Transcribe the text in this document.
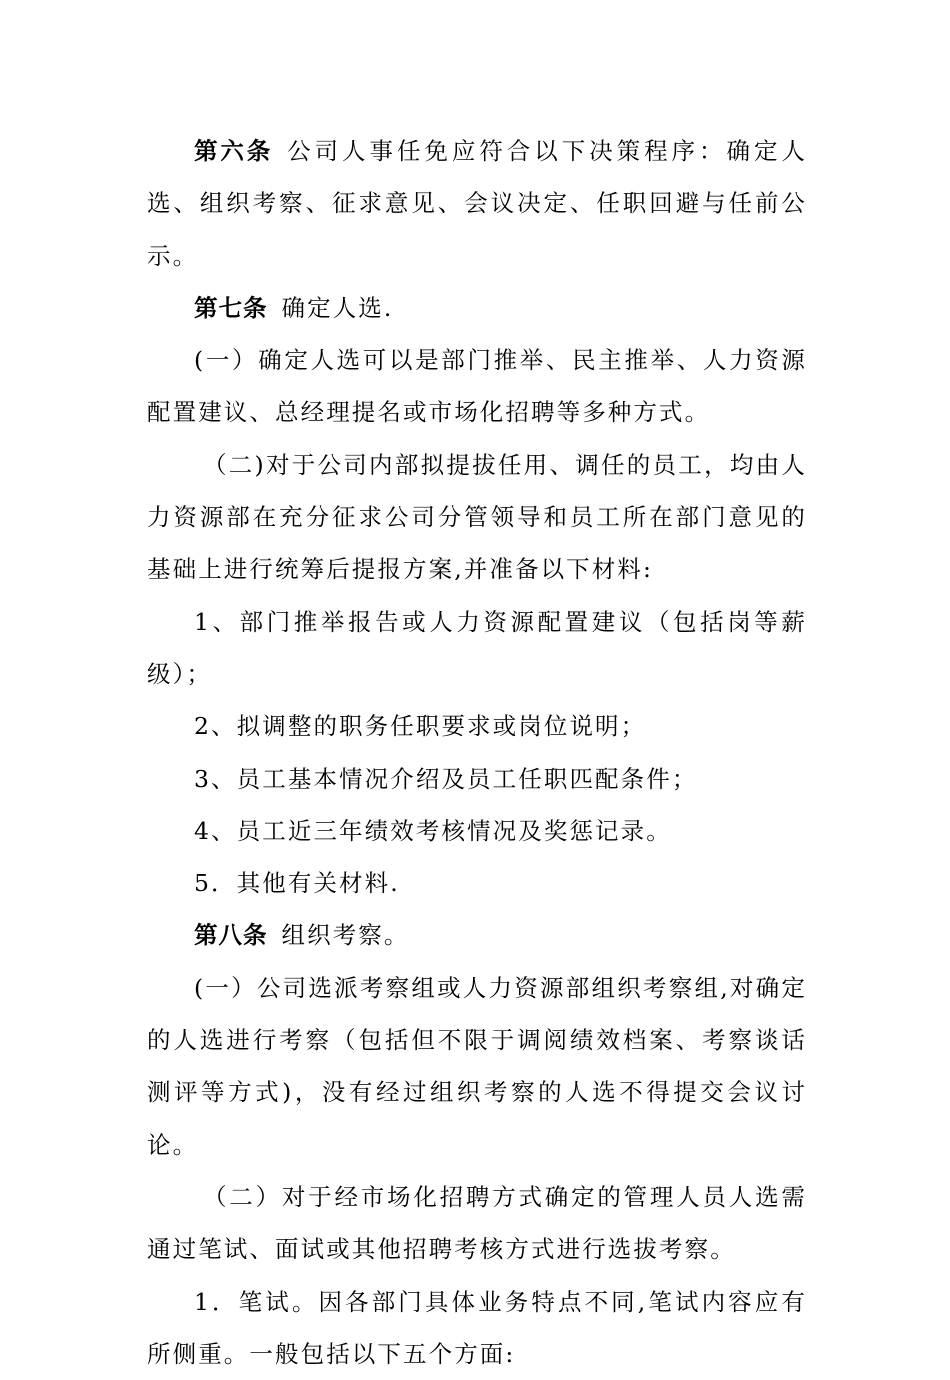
第六条 公司人事任免应符合以下决策程序：确定人选、组织考察、征求意见、会议决定、任职回避与任前公示。

第七条 确定人选.

(一）确定人选可以是部门推举、民主推举、人力资源配置建议、总经理提名或市场化招聘等多种方式。

（二)对于公司内部拟提拔任用、调任的员工，均由人力资源部在充分征求公司分管领导和员工所在部门意见的基础上进行统筹后提报方案,并准备以下材料:

1、部门推举报告或人力资源配置建议（包括岗等薪级）；

2、拟调整的职务任职要求或岗位说明；

3、员工基本情况介绍及员工任职匹配条件；

4、员工近三年绩效考核情况及奖惩记录。

5．其他有关材料.

第八条 组织考察。

(一）公司选派考察组或人力资源部组织考察组,对确定的人选进行考察（包括但不限于调阅绩效档案、考察谈话测评等方式)，没有经过组织考察的人选不得提交会议讨论。

（二）对于经市场化招聘方式确定的管理人员人选需通过笔试、面试或其他招聘考核方式进行选拔考察。

1．笔试。因各部门具体业务特点不同,笔试内容应有所侧重。一般包括以下五个方面:
